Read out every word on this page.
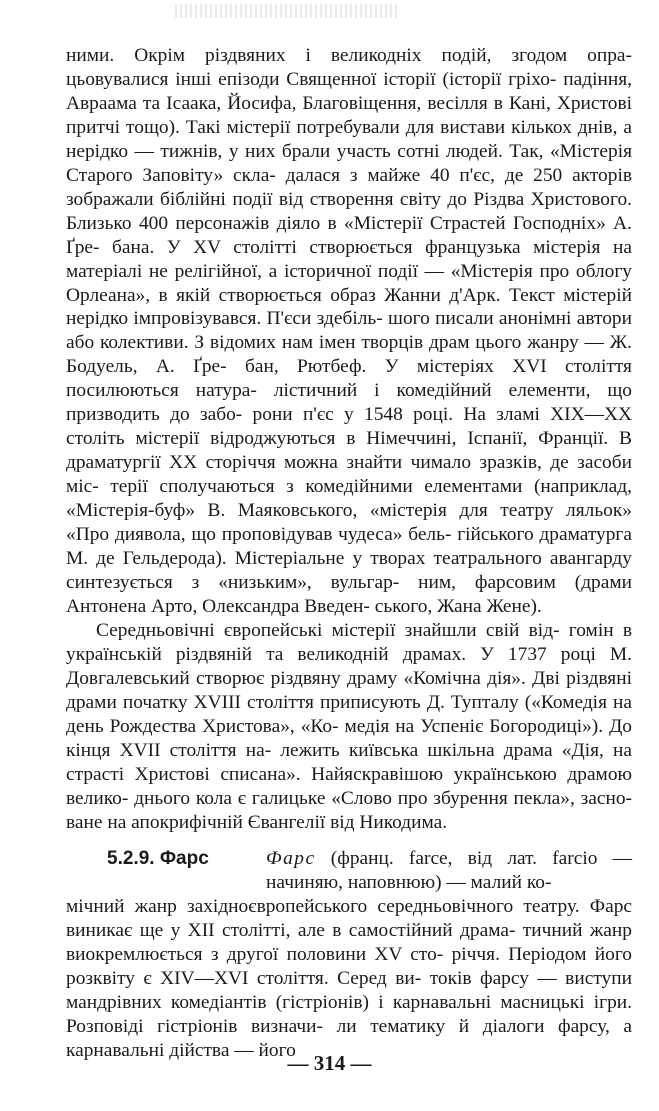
ними. Окрім різдвяних і великодніх подій, згодом опра- цьовувалися інші епізоди Священної історії (історії гріхо- падіння, Авраама та Ісаака, Йосифа, Благовіщення, весілля в Кані, Христові притчі тощо). Такі містерії потребували для вистави кількох днів, а нерідко — тижнів, у них брали участь сотні людей. Так, «Містерія Старого Заповіту» скла- далася з майже 40 п'єс, де 250 акторів зображали біблійні події від створення світу до Різдва Христового. Близько 400 персонажів діяло в «Містерії Страстей Господніх» А. Ґре- бана. У XV столітті створюється французька містерія на матеріалі не релігійної, а історичної події — «Містерія про облогу Орлеана», в якій створюється образ Жанни д'Арк. Текст містерій нерідко імпровізувався. П'єси здебіль- шого писали анонімні автори або колективи. З відомих нам імен творців драм цього жанру — Ж. Бодуель, А. Ґре- бан, Рютбеф. У містеріях XVI століття посилюються натура- лістичний і комедійний елементи, що призводить до забо- рони п'єс у 1548 році. На зламі XIX—XX століть містерії відроджуються в Німеччині, Іспанії, Франції. В драматургії XX сторіччя можна знайти чимало зразків, де засоби міс- терії сполучаються з комедійними елементами (наприклад, «Містерія-буф» В. Маяковського, «містерія для театру ляльок» «Про диявола, що проповідував чудеса» бель- гійського драматурга М. де Гельдерода). Містеріальне у творах театрального авангарду синтезується з «низьким», вульгар- ним, фарсовим (драми Антонена Арто, Олександра Введен- ського, Жана Жене).

Середньовічні європейські містерії знайшли свій від- гомін в українській різдвяній та великодній драмах. У 1737 році М. Довгалевський створює різдвяну драму «Комічна дія». Дві різдвяні драми початку XVIII століття приписують Д. Тупталу («Комедія на день Рождества Христова», «Ко- медія на Успеніє Богородиці»). До кінця XVII століття на- лежить київська шкільна драма «Дія, на страсті Христові списана». Найяскравішою українською драмою велико- днього кола є галицьке «Слово про збурення пекла», засно- ване на апокрифічній Євангелії від Никодима.

5.2.9. Фарс	Фарс (франц. farce, від лат. farcio — начиняю, наповнюю) — малий ко-
мічний жанр західноєвропейського середньовічного театру. Фарс виникає ще у XII столітті, але в самостійний драма- тичний жанр виокремлюється з другої половини XV сто- річчя. Періодом його розквіту є XIV—XVI століття. Серед ви- токів фарсу — виступи мандрівних комедіантів (гістріонів) і карнавальні масницькі ігри. Розповіді гістріонів визначи- ли тематику й діалоги фарсу, а карнавальні дійства — його
— 314 —
